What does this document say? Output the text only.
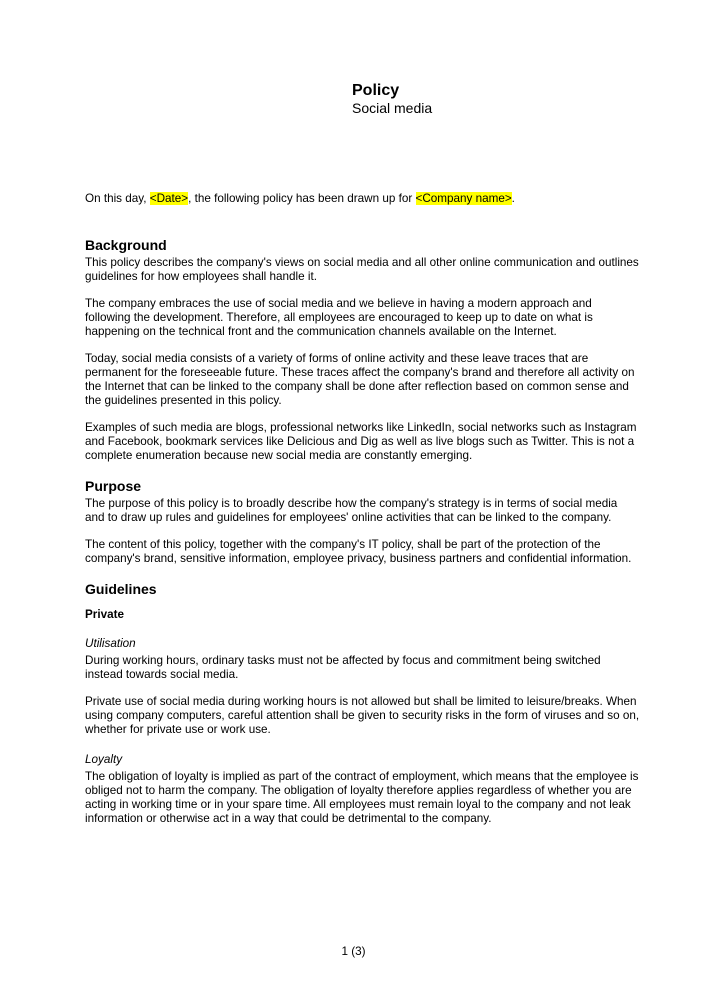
Policy
Social media

On this day, <Date>, the following policy has been drawn up for <Company name>.

Background

This policy describes the company's views on social media and all other online communication and outlines guidelines for how employees shall handle it.

The company embraces the use of social media and we believe in having a modern approach and following the development. Therefore, all employees are encouraged to keep up to date on what is happening on the technical front and the communication channels available on the Internet.

Today, social media consists of a variety of forms of online activity and these leave traces that are permanent for the foreseeable future. These traces affect the company's brand and therefore all activity on the Internet that can be linked to the company shall be done after reflection based on common sense and the guidelines presented in this policy.

Examples of such media are blogs, professional networks like LinkedIn, social networks such as Instagram and Facebook, bookmark services like Delicious and Dig as well as live blogs such as Twitter. This is not a complete enumeration because new social media are constantly emerging.

Purpose

The purpose of this policy is to broadly describe how the company's strategy is in terms of social media and to draw up rules and guidelines for employees' online activities that can be linked to the company.

The content of this policy, together with the company's IT policy, shall be part of the protection of the company's brand, sensitive information, employee privacy, business partners and confidential information.

Guidelines
Private
Utilisation

During working hours, ordinary tasks must not be affected by focus and commitment being switched instead towards social media.

Private use of social media during working hours is not allowed but shall be limited to leisure/breaks. When using company computers, careful attention shall be given to security risks in the form of viruses and so on, whether for private use or work use.

Loyalty

The obligation of loyalty is implied as part of the contract of employment, which means that the employee is obliged not to harm the company. The obligation of loyalty therefore applies regardless of whether you are acting in working time or in your spare time. All employees must remain loyal to the company and not leak information or otherwise act in a way that could be detrimental to the company.

1 (3)
